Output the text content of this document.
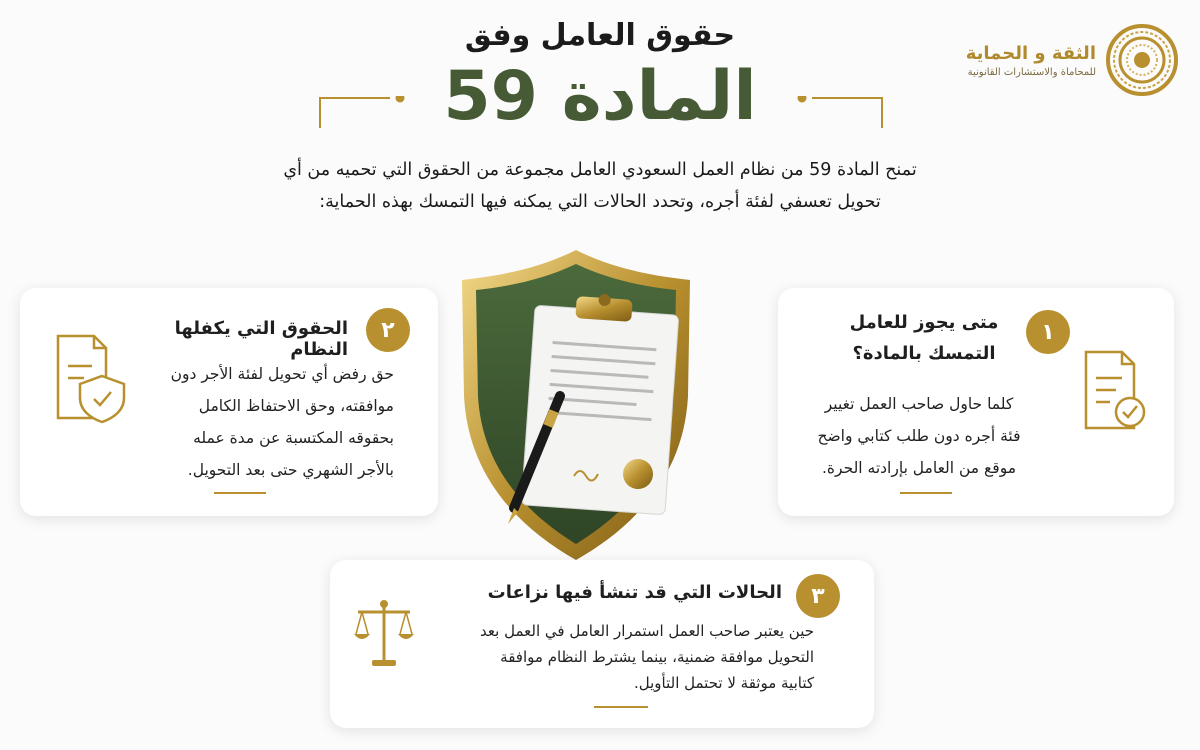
الثقة و الحماية
للمحاماة والاستشارات القانونية
حقوق العامل وفق
المادة 59
تمنح المادة 59 من نظام العمل السعودي العامل مجموعة من الحقوق التي تحميه من أي تحويل تعسفي لفئة أجره، وتحدد الحالات التي يمكنه فيها التمسك بهذه الحماية:
١
متى يجوز للعامل
التمسك بالمادة؟
كلما حاول صاحب العمل تغيير
فئة أجره دون طلب كتابي واضح
موقع من العامل بإرادته الحرة.
٢
الحقوق التي يكفلها النظام
حق رفض أي تحويل لفئة الأجر دون
موافقته، وحق الاحتفاظ الكامل
بحقوقه المكتسبة عن مدة عمله
بالأجر الشهري حتى بعد التحويل.
٣
الحالات التي قد تنشأ فيها نزاعات
حين يعتبر صاحب العمل استمرار العامل في العمل بعد
التحويل موافقة ضمنية، بينما يشترط النظام موافقة
كتابية موثقة لا تحتمل التأويل.
